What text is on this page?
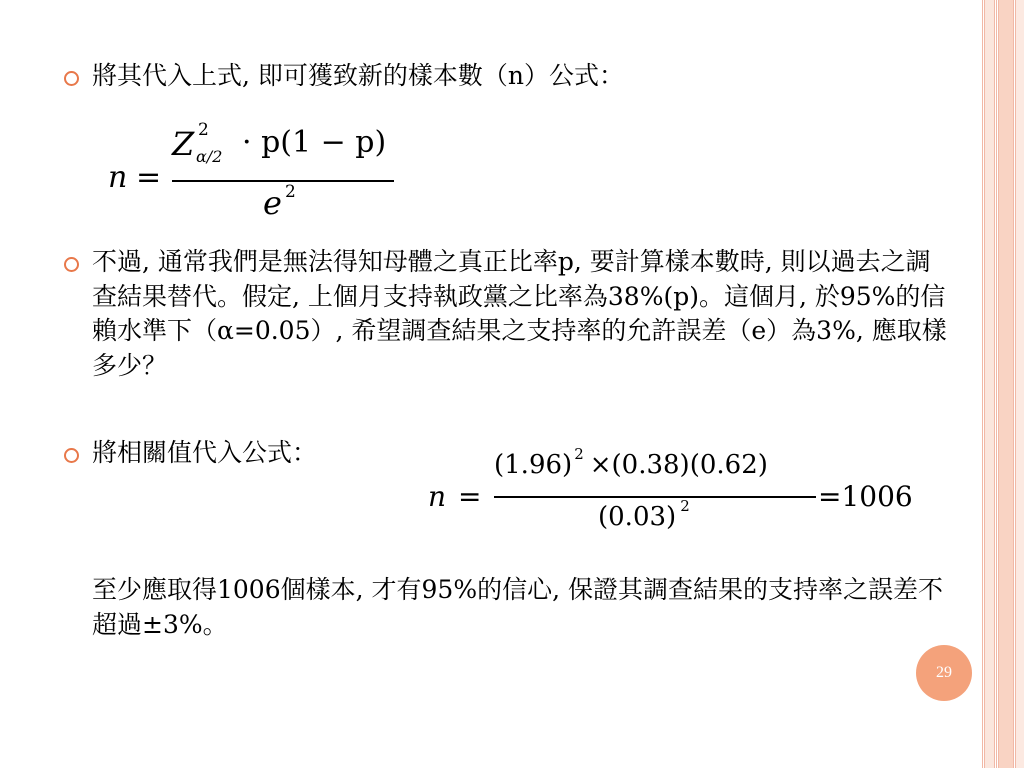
將其代入上式, 即可獲致新的樣本數（n）公式：
n =
Z 2
α/2 · p(1 − p)
e 2
不過, 通常我們是無法得知母體之真正比率p, 要計算樣本數時, 則以過去之調查結果替代。假定, 上個月支持執政黨之比率為38%(p)。這個月, 於95%的信賴水準下（α=0.05）, 希望調查結果之支持率的允許誤差（e）為3%, 應取樣多少？
將相關值代入公式：
n =
(1.96) 2 ×(0.38)(0.62)
(0.03) 2	=1006
至少應取得1006個樣本, 才有95%的信心, 保證其調查結果的支持率之誤差不超過±3%。
29
